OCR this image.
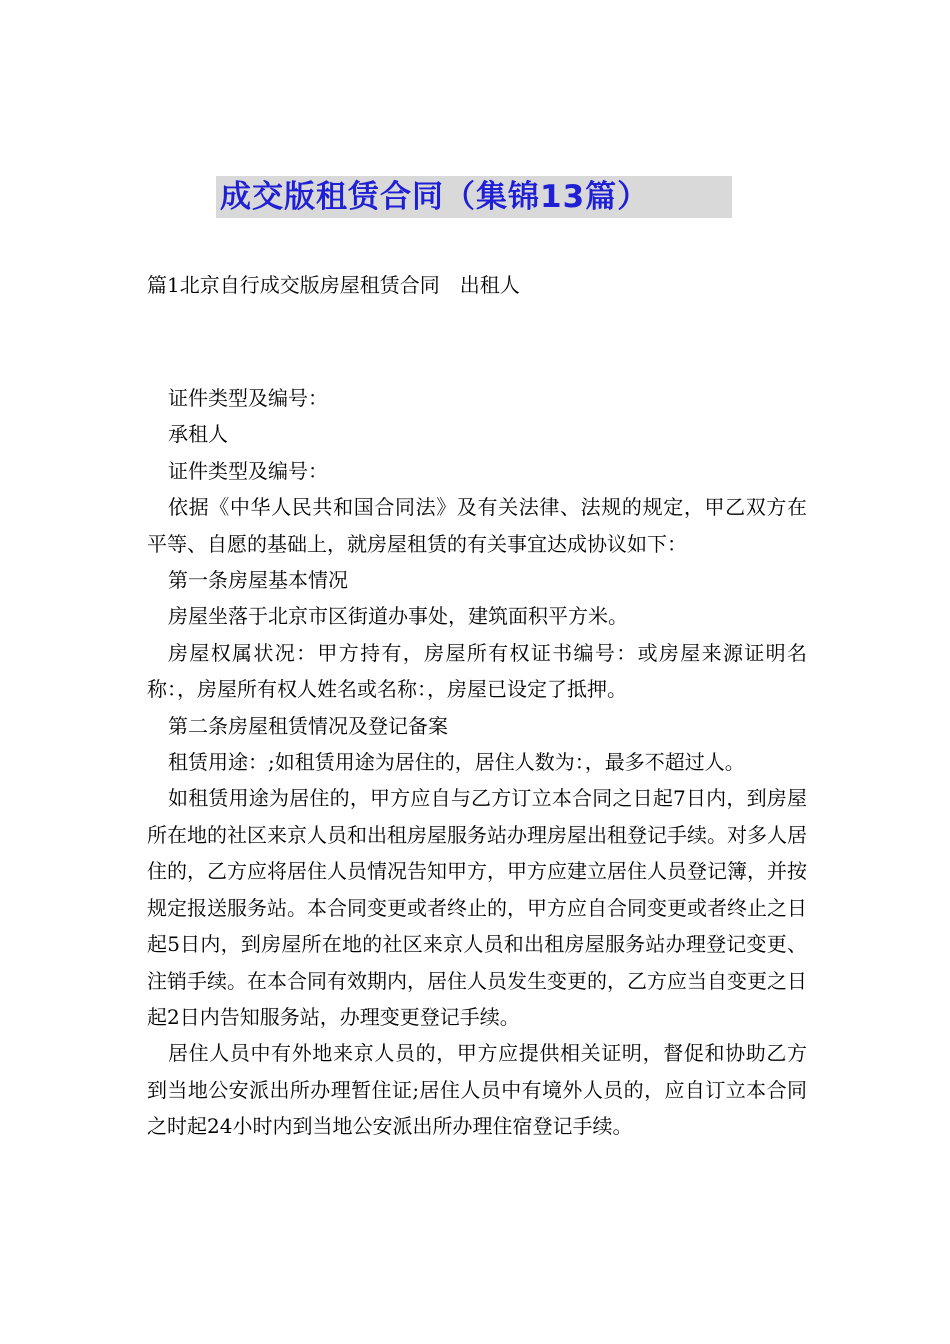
成交版租赁合同（集锦13篇）
篇1北京自行成交版房屋租赁合同　出租人

证件类型及编号：

承租人

证件类型及编号：

依据《中华人民共和国合同法》及有关法律、法规的规定，甲乙双方在平等、自愿的基础上，就房屋租赁的有关事宜达成协议如下：

第一条房屋基本情况

房屋坐落于北京市区街道办事处，建筑面积平方米。

房屋权属状况：甲方持有，房屋所有权证书编号：或房屋来源证明名称：，房屋所有权人姓名或名称：，房屋已设定了抵押。

第二条房屋租赁情况及登记备案

租赁用途：;如租赁用途为居住的，居住人数为：，最多不超过人。

如租赁用途为居住的，甲方应自与乙方订立本合同之日起7日内，到房屋所在地的社区来京人员和出租房屋服务站办理房屋出租登记手续。对多人居住的，乙方应将居住人员情况告知甲方，甲方应建立居住人员登记簿，并按规定报送服务站。本合同变更或者终止的，甲方应自合同变更或者终止之日起5日内，到房屋所在地的社区来京人员和出租房屋服务站办理登记变更、注销手续。在本合同有效期内，居住人员发生变更的，乙方应当自变更之日起2日内告知服务站，办理变更登记手续。

居住人员中有外地来京人员的，甲方应提供相关证明，督促和协助乙方到当地公安派出所办理暂住证;居住人员中有境外人员的，应自订立本合同之时起24小时内到当地公安派出所办理住宿登记手续。
